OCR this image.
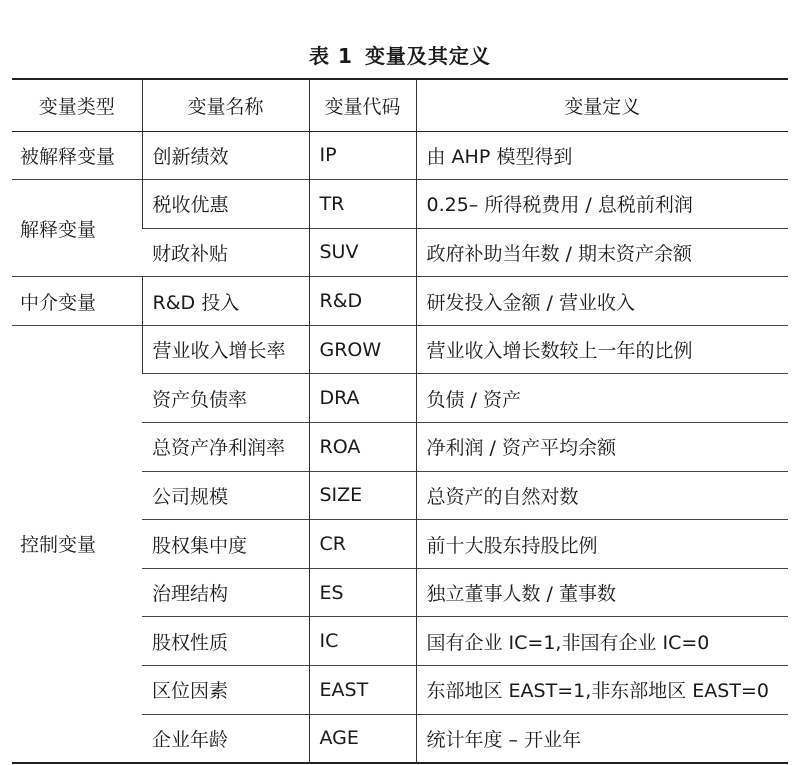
表 1 变量及其定义
变量类型	变量名称	变量代码	变量定义
被解释变量	创新绩效	IP	由 AHP 模型得到
解释变量	税收优惠	TR	0.25– 所得税费用 / 息税前利润
	财政补贴	SUV	政府补助当年数 / 期末资产余额
中介变量	R&D 投入	R&D	研发投入金额 / 营业收入
控制变量	营业收入增长率	GROW	营业收入增长数较上一年的比例
	资产负债率	DRA	负债 / 资产
	总资产净利润率	ROA	净利润 / 资产平均余额
	公司规模	SIZE	总资产的自然对数
	股权集中度	CR	前十大股东持股比例
	治理结构	ES	独立董事人数 / 董事数
	股权性质	IC	国有企业 IC=1,非国有企业 IC=0
	区位因素	EAST	东部地区 EAST=1,非东部地区 EAST=0
	企业年龄	AGE	统计年度 – 开业年
